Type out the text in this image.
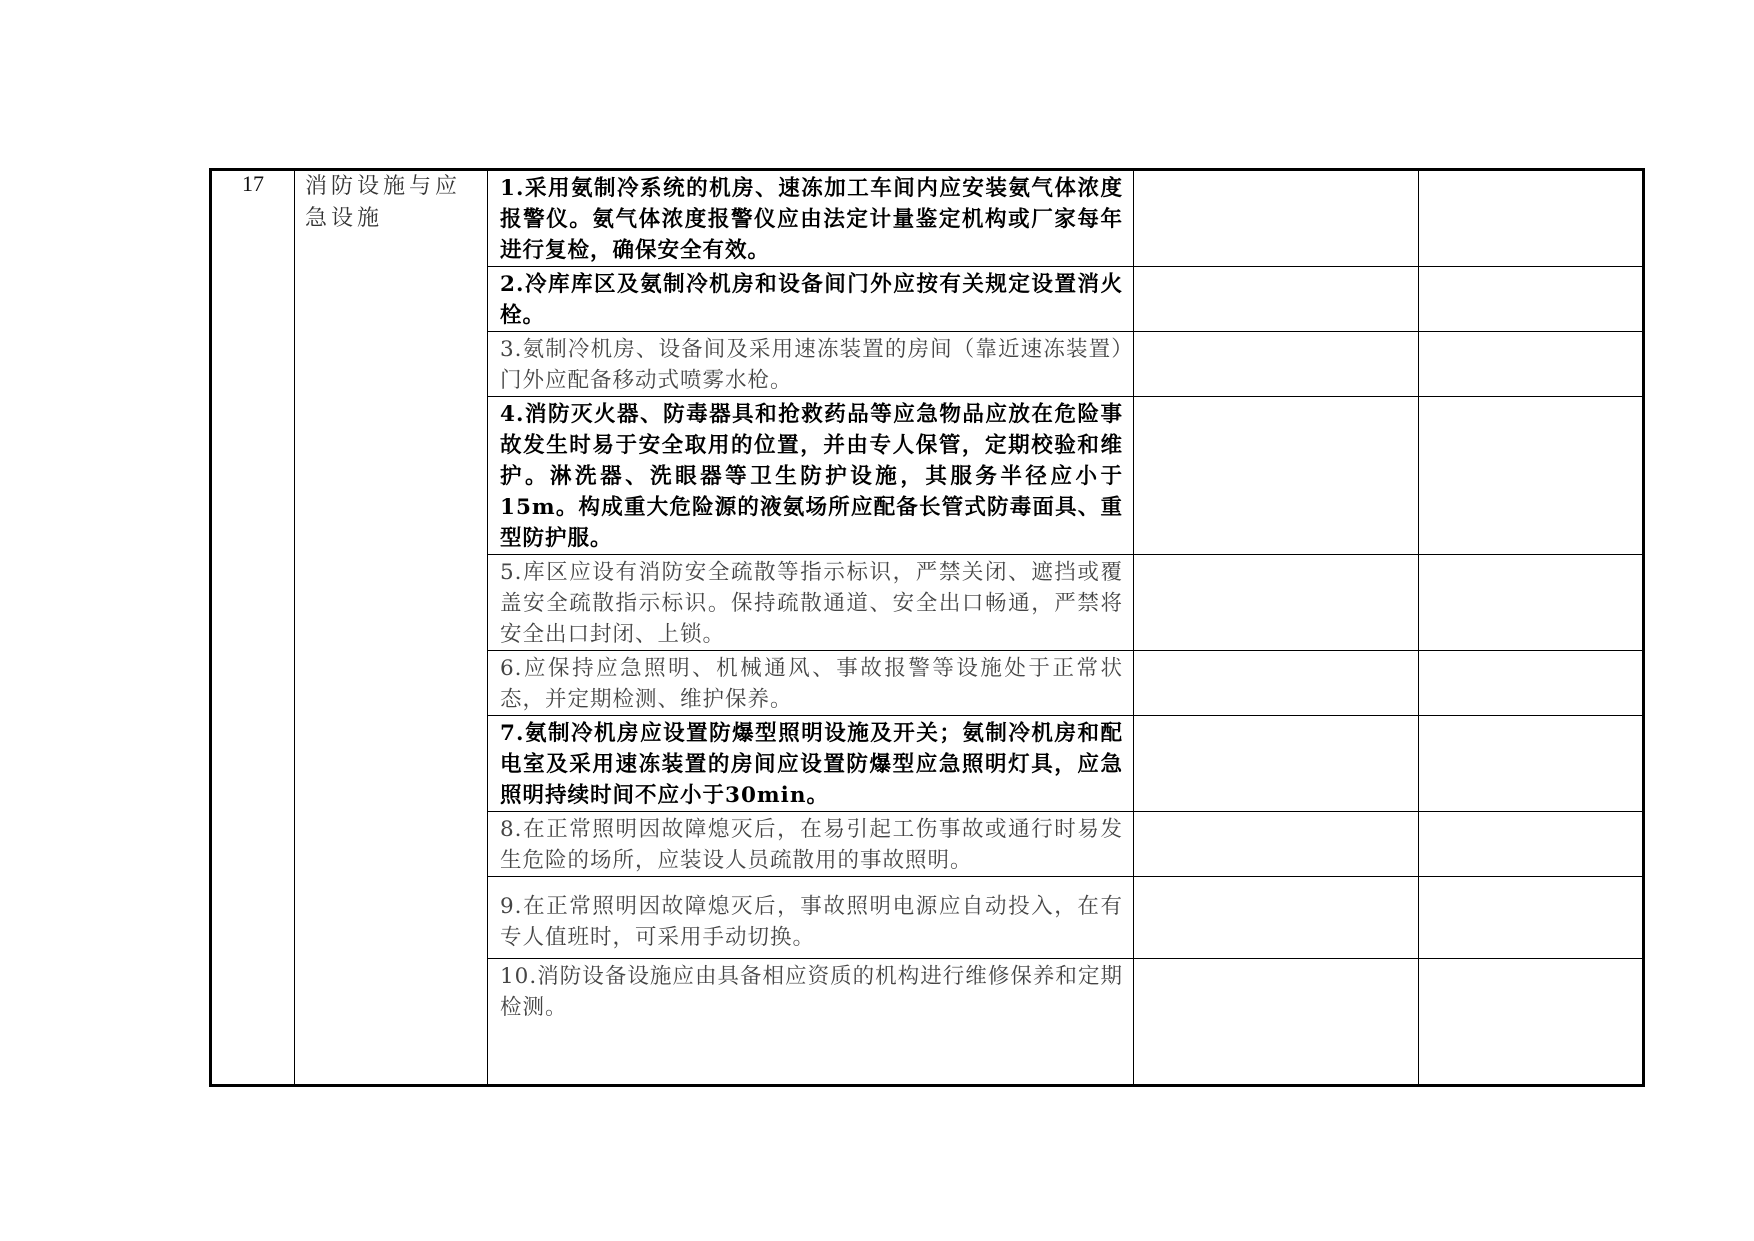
17	消防设施与应急设施	1.采用氨制冷系统的机房、速冻加工车间内应安装氨气体浓度报警仪。氨气体浓度报警仪应由法定计量鉴定机构或厂家每年进行复检，确保安全有效。		
		2.冷库库区及氨制冷机房和设备间门外应按有关规定设置消火栓。		
		3.氨制冷机房、设备间及采用速冻装置的房间（靠近速冻装置）门外应配备移动式喷雾水枪。		
		4.消防灭火器、防毒器具和抢救药品等应急物品应放在危险事故发生时易于安全取用的位置，并由专人保管，定期校验和维护。淋洗器、洗眼器等卫生防护设施，其服务半径应小于15m。构成重大危险源的液氨场所应配备长管式防毒面具、重型防护服。		
		5.库区应设有消防安全疏散等指示标识，严禁关闭、遮挡或覆盖安全疏散指示标识。保持疏散通道、安全出口畅通，严禁将安全出口封闭、上锁。		
		6.应保持应急照明、机械通风、事故报警等设施处于正常状态，并定期检测、维护保养。		
		7.氨制冷机房应设置防爆型照明设施及开关；氨制冷机房和配电室及采用速冻装置的房间应设置防爆型应急照明灯具，应急照明持续时间不应小于30min。		
		8.在正常照明因故障熄灭后，在易引起工伤事故或通行时易发生危险的场所，应装设人员疏散用的事故照明。		
		9.在正常照明因故障熄灭后，事故照明电源应自动投入，在有专人值班时，可采用手动切换。		
		10.消防设备设施应由具备相应资质的机构进行维修保养和定期检测。		
